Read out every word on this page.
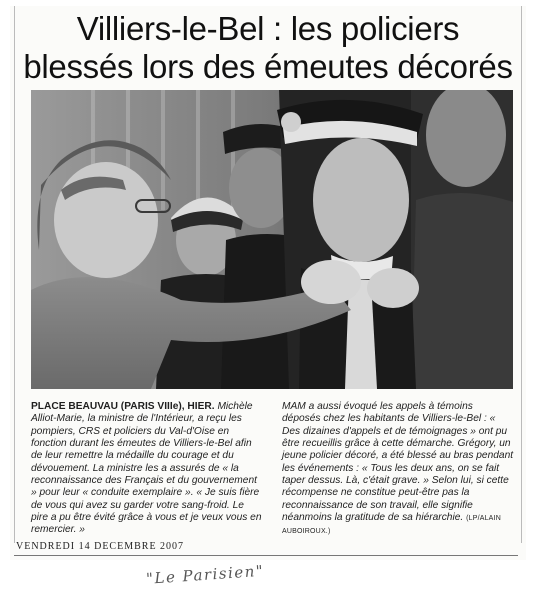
Villiers-le-Bel : les policiers
blessés lors des émeutes décorés
PLACE BEAUVAU (PARIS VIIIe), HIER. Michèle Alliot-Marie, la ministre de l'Intérieur, a reçu les pompiers, CRS et policiers du Val-d'Oise en fonction durant les émeutes de Villiers-le-Bel afin de leur remettre la médaille du courage et du dévouement. La ministre les a assurés de « la reconnaissance des Français et du gouvernement » pour leur « conduite exemplaire ». « Je suis fière de vous qui avez su garder votre sang-froid. Le pire a pu être évité grâce à vous et je veux vous en remercier. »
MAM a aussi évoqué les appels à témoins déposés chez les habitants de Villiers-le-Bel : « Des dizaines d'appels et de témoignages » ont pu être recueillis grâce à cette démarche. Grégory, un jeune policier décoré, a été blessé au bras pendant les événements : « Tous les deux ans, on se fait taper dessus. Là, c'était grave. » Selon lui, si cette récompense ne constitue peut-être pas la reconnaissance de son travail, elle signifie néanmoins la gratitude de sa hiérarchie. (LP/ALAIN AUBOIROUX.)
VENDREDI 14 DECEMBRE 2007
"Le Parisien"
